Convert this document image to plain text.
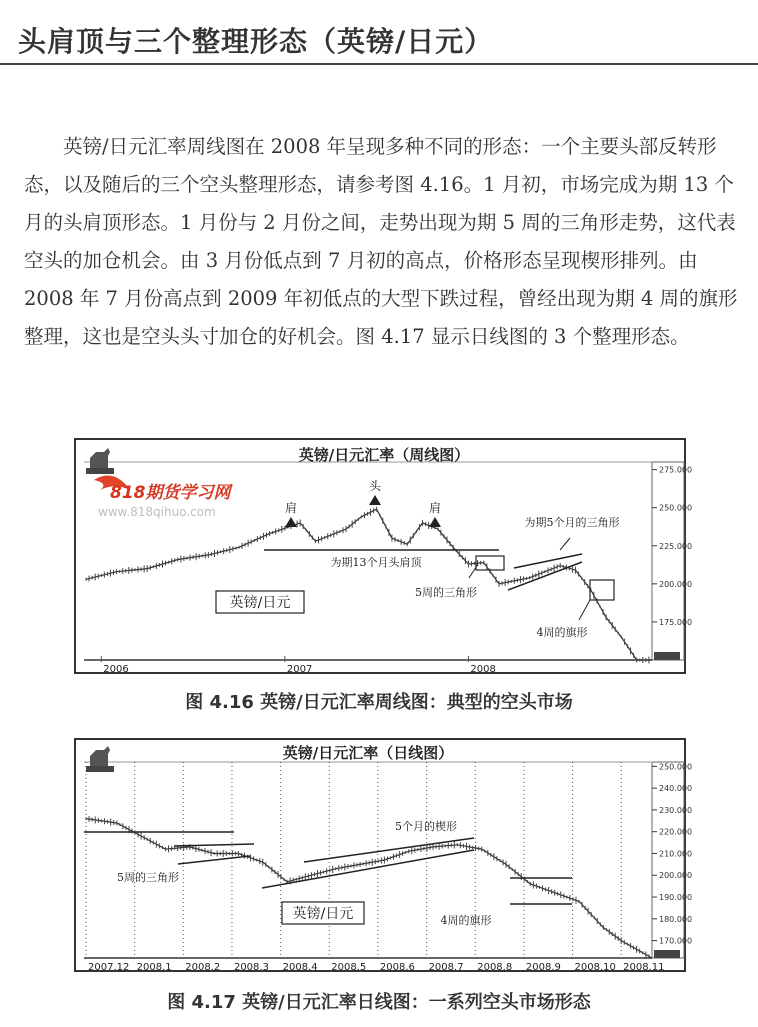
头肩顶与三个整理形态（英镑/日元）

英镑/日元汇率周线图在 2008 年呈现多种不同的形态：一个主要头部反转形态，以及随后的三个空头整理形态，请参考图 4.16。1 月初，市场完成为期 13 个月的头肩顶形态。1 月份与 2 月份之间，走势出现为期 5 周的三角形走势，这代表空头的加仓机会。由 3 月份低点到 7 月初的高点，价格形态呈现楔形排列。由 2008 年 7 月份高点到 2009 年初低点的大型下跌过程，曾经出现为期 4 周的旗形整理，这也是空头头寸加仓的好机会。图 4.17 显示日线图的 3 个整理形态。

英镑/日元汇率（周线图）
2006	2007	2008
275.000
250.000
225.000
200.000
175.000
肩
头
肩
为期13个月头肩顶
5周的三角形
为期5个月的三角形
4周的旗形
英镑/日元
818期货学习网
www.818qihuo.com
图 4.16 英镑/日元汇率周线图：典型的空头市场
英镑/日元汇率（日线图）
2007.12 2008.1 2008.2 2008.3 2008.4 2008.5 2008.6 2008.7 2008.8 2008.9 2008.10 2008.11
250.000
240.000
230.000
220.000
210.000
200.000
190.000
180.000
170.000
5周的三角形
5个月的楔形
4周的旗形
英镑/日元
图 4.17 英镑/日元汇率日线图：一系列空头市场形态
